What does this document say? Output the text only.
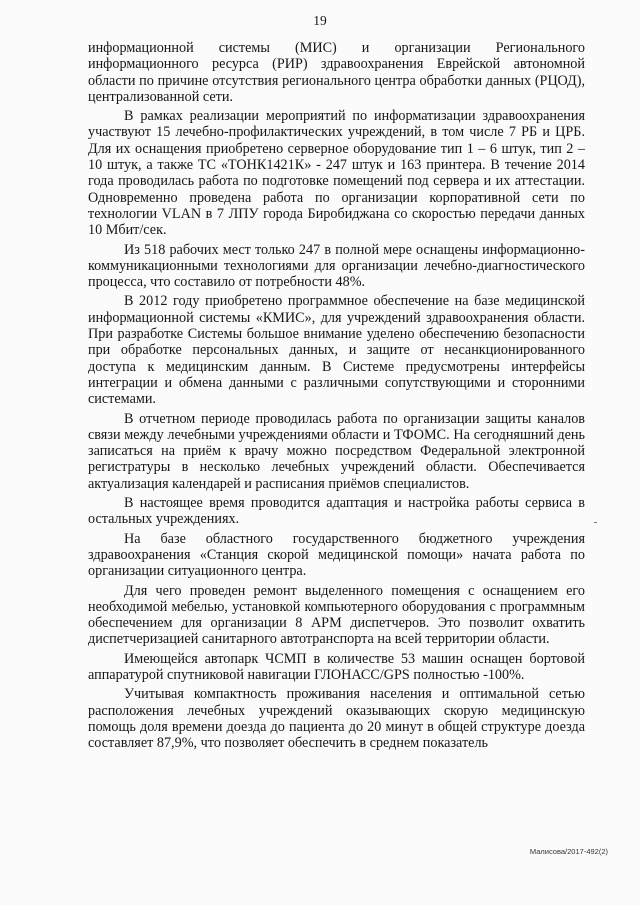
19

информационной системы (МИС) и организации Регионального информационного ресурса (РИР) здравоохранения Еврейской автономной области по причине отсутствия регионального центра обработки данных (РЦОД), централизованной сети.

В рамках реализации мероприятий по информатизации здравоохранения участвуют 15 лечебно-профилактических учреждений, в том числе 7 РБ и ЦРБ. Для их оснащения приобретено серверное оборудование тип 1 – 6 штук, тип 2 – 10 штук, а также ТС «ТОНК1421К» - 247 штук и 163 принтера. В течение 2014 года проводилась работа по подготовке помещений под сервера и их аттестации. Одновременно проведена работа по организации корпоративной сети по технологии VLAN в 7 ЛПУ города Биробиджана со скоростью передачи данных 10 Мбит/сек.

Из 518 рабочих мест только 247 в полной мере оснащены информационно-коммуникационными технологиями для организации лечебно-диагностического процесса, что составило от потребности 48%.

В 2012 году приобретено программное обеспечение на базе медицинской информационной системы «КМИС», для учреждений здравоохранения области. При разработке Системы большое внимание уделено обеспечению безопасности при обработке персональных данных, и защите от несанкционированного доступа к медицинским данным. В Системе предусмотрены интерфейсы интеграции и обмена данными с различными сопутствующими и сторонними системами.

В отчетном периоде проводилась работа по организации защиты каналов связи между лечебными учреждениями области и ТФОМС. На сегодняшний день записаться на приём к врачу можно посредством Федеральной электронной регистратуры в несколько лечебных учреждений области. Обеспечивается актуализация календарей и расписания приёмов специалистов.

В настоящее время проводится адаптация и настройка работы сервиса в остальных учреждениях.

На базе областного государственного бюджетного учреждения здравоохранения «Станция скорой медицинской помощи» начата работа по организации ситуационного центра.

Для чего проведен ремонт выделенного помещения с оснащением его необходимой мебелью, установкой компьютерного оборудования с программным обеспечением для организации 8 АРМ диспетчеров. Это позволит охватить диспетчеризацией санитарного автотранспорта на всей территории области.

Имеющейся автопарк ЧСМП в количестве 53 машин оснащен бортовой аппаратурой спутниковой навигации ГЛОНАСС/GPS полностью -100%.

Учитывая компактность проживания населения и оптимальной сетью расположения лечебных учреждений оказывающих скорую медицинскую помощь доля времени доезда до пациента до 20 минут в общей структуре доезда составляет 87,9%, что позволяет обеспечить в среднем показатель

Малисова/2017-492(2)
